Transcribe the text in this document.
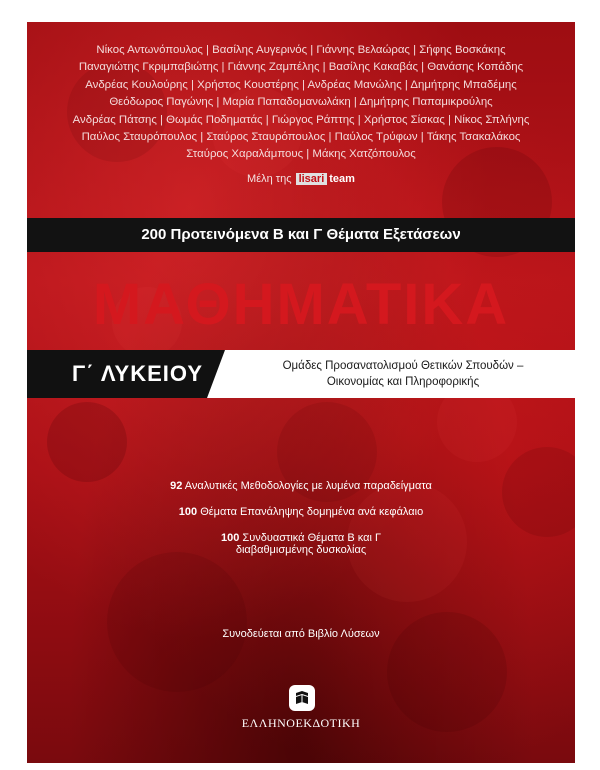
Νίκος Αντωνόπουλος | Βασίλης Αυγερινός | Γιάννης Βελαώρας | Σήφης Βοσκάκης
Παναγιώτης Γκριμπαβιώτης | Γιάννης Ζαμπέλης | Βασίλης Κακαβάς | Θανάσης Κοπάδης
Ανδρέας Κουλούρης | Χρήστος Κουστέρης | Ανδρέας Μανώλης | Δημήτρης Μπαδέμης
Θεόδωρος Παγώνης | Μαρία Παπαδομανωλάκη | Δημήτρης Παπαμικρούλης
Ανδρέας Πάτσης | Θωμάς Ποδηματάς | Γιώργος Ράπτης | Χρήστος Σίσκας | Νίκος Σπλήνης
Παύλος Σταυρόπουλος | Σταύρος Σταυρόπουλος | Παύλος Τρύφων | Τάκης Τσακαλάκος
Σταύρος Χαραλάμπους | Μάκης Χατζόπουλος
Μέλη της lisari team
200 Προτεινόμενα Β και Γ Θέματα Εξετάσεων
ΜΑΘΗΜΑΤΙΚΑ
Γ΄ ΛΥΚΕΙΟΥ	Ομάδες Προσανατολισμού Θετικών Σπουδών –
Οικονομίας και Πληροφορικής
92 Αναλυτικές Μεθοδολογίες με λυμένα παραδείγματα
100 Θέματα Επανάληψης δομημένα ανά κεφάλαιο
100 Συνδυαστικά Θέματα Β και Γ
διαβαθμισμένης δυσκολίας
Συνοδεύεται από Βιβλίο Λύσεων
ΕΛΛΗΝΟΕΚΔΟΤΙΚΗ
